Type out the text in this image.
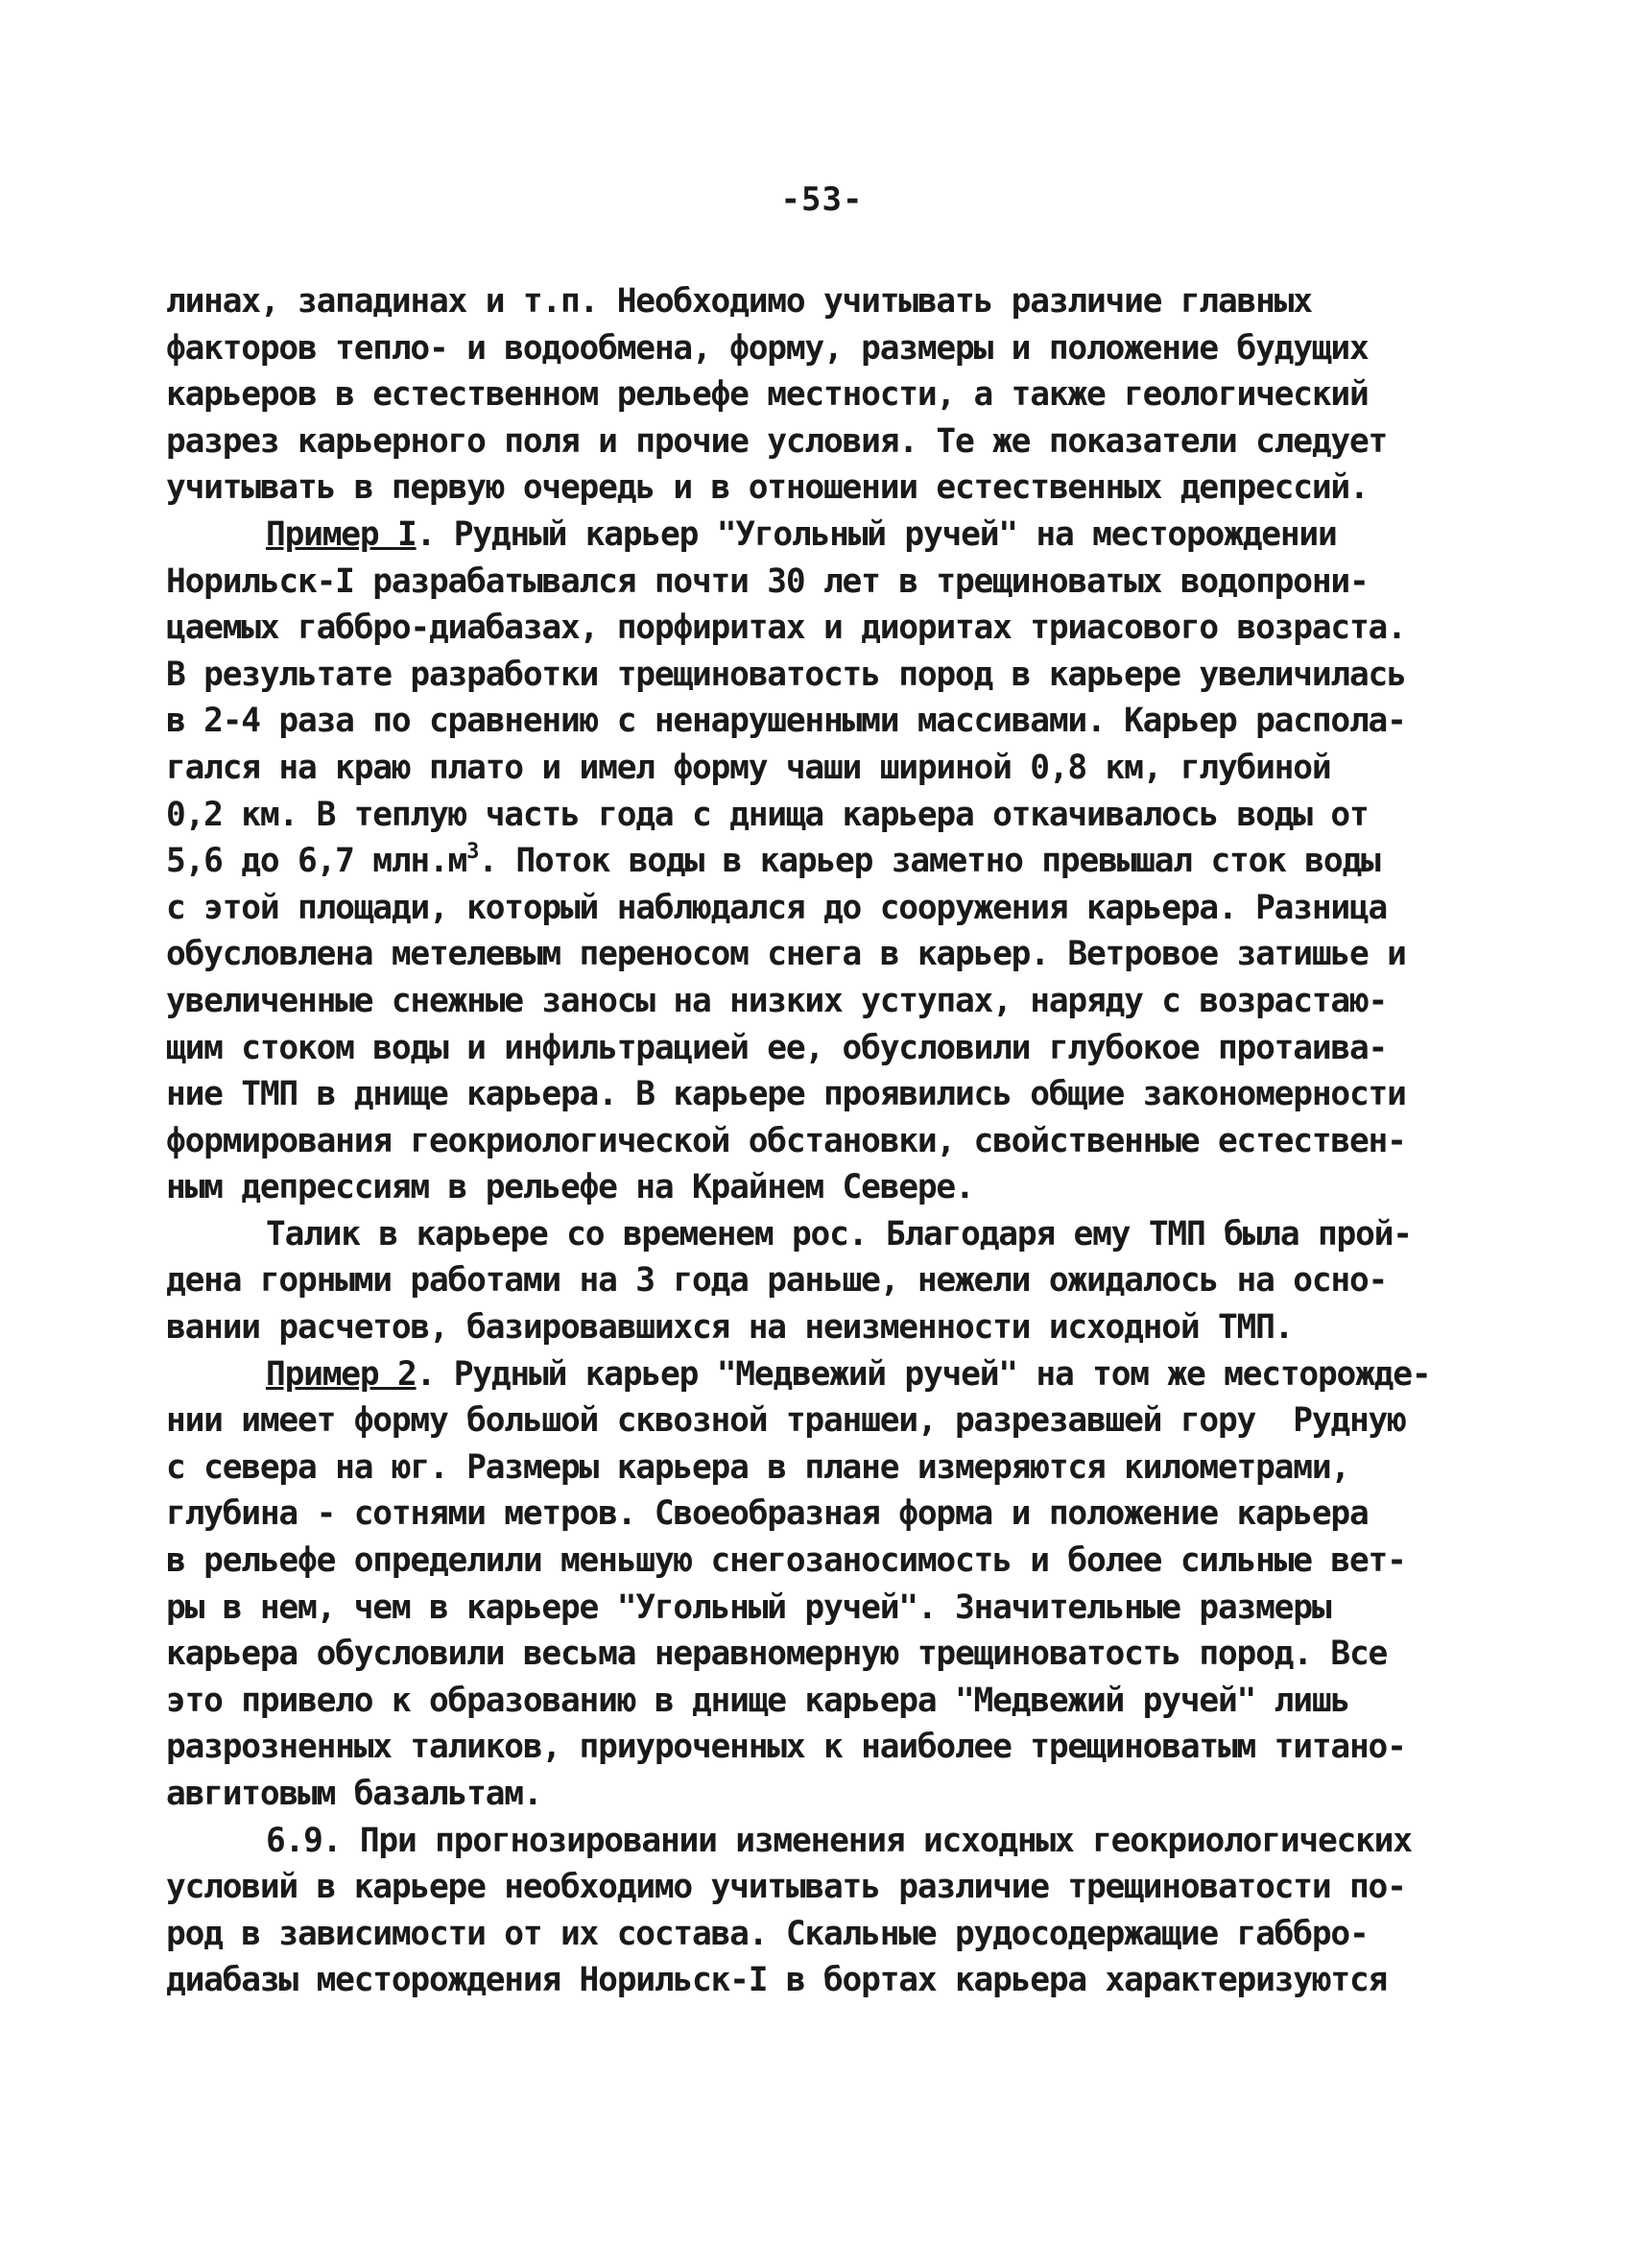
-53-
линах, западинах и т.п. Необходимо учитывать различие главных
факторов тепло- и водообмена, форму, размеры и положение будущих
карьеров в естественном рельефе местности, а также геологический
разрез карьерного поля и прочие условия. Те же показатели следует
учитывать в первую очередь и в отношении естественных депрессий.
Пример I. Рудный карьер "Угольный ручей" на месторождении
Норильск-I разрабатывался почти 30 лет в трещиноватых водопрони-
цаемых габбро-диабазах, порфиритах и диоритах триасового возраста.
В результате разработки трещиноватость пород в карьере увеличилась
в 2-4 раза по сравнению с ненарушенными массивами. Карьер распола-
гался на краю плато и имел форму чаши шириной 0,8 км, глубиной
0,2 км. В теплую часть года с днища карьера откачивалось воды от
5,6 до 6,7 $млн.м^3$. Поток воды в карьер заметно превышал сток воды
с этой площади, который наблюдался до сооружения карьера. Разница
обусловлена метелевым переносом снега в карьер. Ветровое затишье и
увеличенные снежные заносы на низких уступах, наряду с возрастаю-
щим стоком воды и инфильтрацией ее, обусловили глубокое протаива-
ние ТМП в днище карьера. В карьере проявились общие закономерности
формирования геокриологической обстановки, свойственные естествен-
ным депрессиям в рельефе на Крайнем Севере.
Талик в карьере со временем рос. Благодаря ему ТМП была прой-
дена горными работами на 3 года раньше, нежели ожидалось на осно-
вании расчетов, базировавшихся на неизменности исходной ТМП.
Пример 2. Рудный карьер "Медвежий ручей" на том же месторожде-
нии имеет форму большой сквозной траншеи, разрезавшей гору  Рудную
с севера на юг. Размеры карьера в плане измеряются километрами,
глубина - сотнями метров. Своеобразная форма и положение карьера
в рельефе определили меньшую снегозаносимость и более сильные вет-
ры в нем, чем в карьере "Угольный ручей". Значительные размеры
карьера обусловили весьма неравномерную трещиноватость пород. Все
это привело к образованию в днище карьера "Медвежий ручей" лишь
разрозненных таликов, приуроченных к наиболее трещиноватым титано-
авгитовым базальтам.
6.9. При прогнозировании изменения исходных геокриологических
условий в карьере необходимо учитывать различие трещиноватости по-
род в зависимости от их состава. Скальные рудосодержащие габбро-
диабазы месторождения Норильск-I в бортах карьера характеризуются
